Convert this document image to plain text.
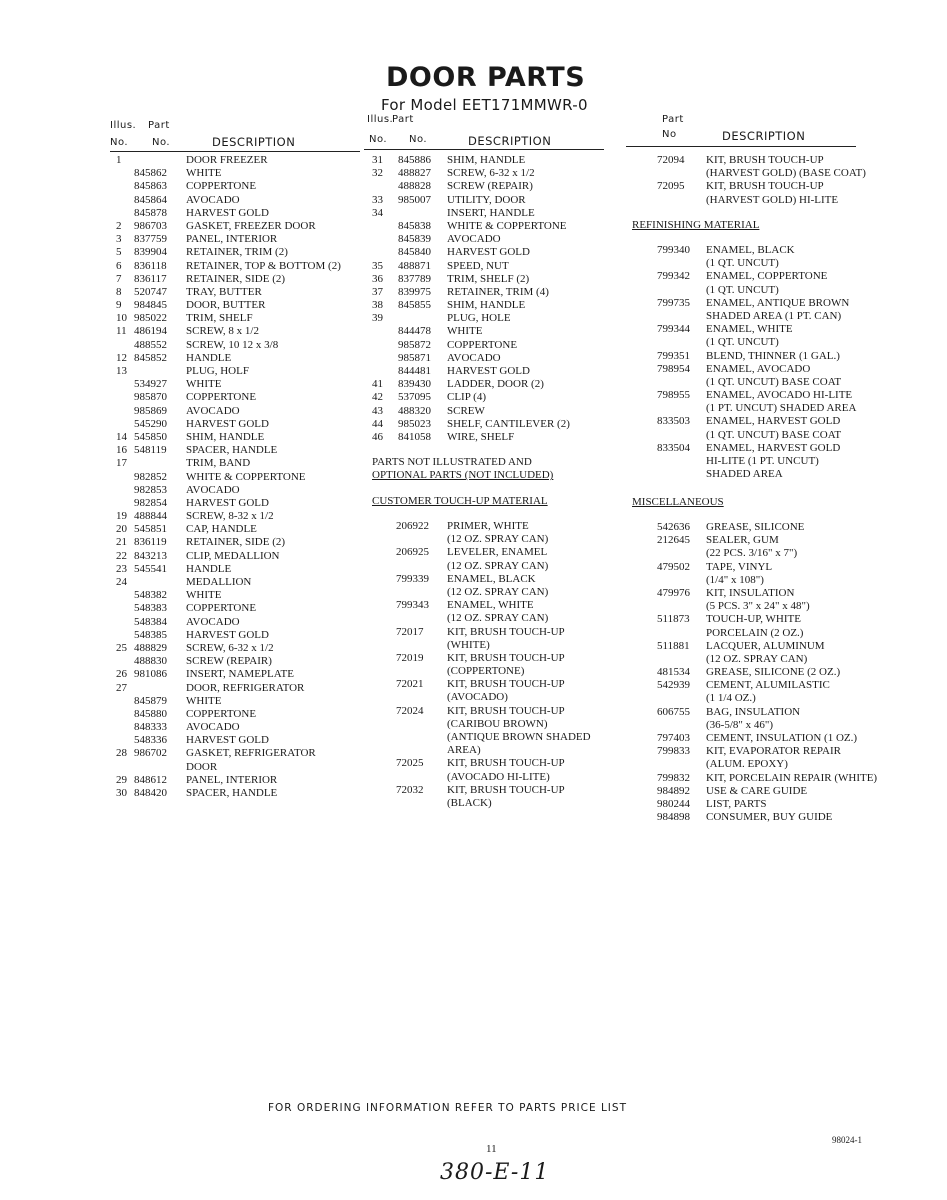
DOOR PARTS
For Model EET171MMWR-0
Illus. Part
No. No.	DESCRIPTION
Illus.
Part
No. No.	DESCRIPTION
Part
No	DESCRIPTION
1	DOOR FREEZER
845862 WHITE
845863 COPPERTONE
845864 AVOCADO
845878 HARVEST GOLD
2 986703 GASKET, FREEZER DOOR
3 837759 PANEL, INTERIOR
5 839904 RETAINER, TRIM (2)
6 836118 RETAINER, TOP & BOTTOM (2)
7 836117 RETAINER, SIDE (2)
8 520747 TRAY, BUTTER
9 984845 DOOR, BUTTER
10 985022 TRIM, SHELF
11 486194 SCREW, 8 x 1/2
488552 SCREW, 10 12 x 3/8
12 845852 HANDLE
13	PLUG, HOLF
534927 WHITE
985870 COPPERTONE
985869 AVOCADO
545290 HARVEST GOLD
14 545850 SHIM, HANDLE
16 548119 SPACER, HANDLE
17	TRIM, BAND
982852 WHITE & COPPERTONE
982853 AVOCADO
982854 HARVEST GOLD
19 488844 SCREW, 8-32 x 1/2
20 545851 CAP, HANDLE
21 836119 RETAINER, SIDE (2)
22 843213 CLIP, MEDALLION
23 545541 HANDLE
24	MEDALLION
548382 WHITE
548383 COPPERTONE
548384 AVOCADO
548385 HARVEST GOLD
25 488829 SCREW, 6-32 x 1/2
488830 SCREW (REPAIR)
26 981086 INSERT, NAMEPLATE
27	DOOR, REFRIGERATOR
845879 WHITE
845880 COPPERTONE
848333 AVOCADO
548336 HARVEST GOLD
28 986702 GASKET, REFRIGERATOR
DOOR
29 848612 PANEL, INTERIOR
30 848420 SPACER, HANDLE
31 845886 SHIM, HANDLE
32 488827 SCREW, 6-32 x 1/2
488828 SCREW (REPAIR)
33 985007 UTILITY, DOOR
34	INSERT, HANDLE
845838 WHITE & COPPERTONE
845839 AVOCADO
845840 HARVEST GOLD
35 488871 SPEED, NUT
36 837789 TRIM, SHELF (2)
37 839975 RETAINER, TRIM (4)
38 845855 SHIM, HANDLE
39	PLUG, HOLE
844478 WHITE
985872 COPPERTONE
985871 AVOCADO
844481 HARVEST GOLD
41 839430 LADDER, DOOR (2)
42 537095 CLIP (4)
43 488320 SCREW
44 985023 SHELF, CANTILEVER (2)
46 841058 WIRE, SHELF
PARTS NOT ILLUSTRATED AND
OPTIONAL PARTS (NOT INCLUDED)
CUSTOMER TOUCH-UP MATERIAL
206922 PRIMER, WHITE
(12 OZ. SPRAY CAN)
206925 LEVELER, ENAMEL
(12 OZ. SPRAY CAN)
799339 ENAMEL, BLACK
(12 OZ. SPRAY CAN)
799343 ENAMEL, WHITE
(12 OZ. SPRAY CAN)
72017 KIT, BRUSH TOUCH-UP
(WHITE)
72019 KIT, BRUSH TOUCH-UP
(COPPERTONE)
72021 KIT, BRUSH TOUCH-UP
(AVOCADO)
72024 KIT, BRUSH TOUCH-UP
(CARIBOU BROWN)
(ANTIQUE BROWN SHADED
AREA)
72025 KIT, BRUSH TOUCH-UP
(AVOCADO HI-LITE)
72032 KIT, BRUSH TOUCH-UP
(BLACK)
72094 KIT, BRUSH TOUCH-UP
(HARVEST GOLD) (BASE COAT)
72095 KIT, BRUSH TOUCH-UP
(HARVEST GOLD) HI-LITE
REFINISHING MATERIAL
799340 ENAMEL, BLACK
(1 QT. UNCUT)
799342 ENAMEL, COPPERTONE
(1 QT. UNCUT)
799735 ENAMEL, ANTIQUE BROWN
SHADED AREA (1 PT. CAN)
799344 ENAMEL, WHITE
(1 QT. UNCUT)
799351 BLEND, THINNER (1 GAL.)
798954 ENAMEL, AVOCADO
(1 QT. UNCUT) BASE COAT
798955 ENAMEL, AVOCADO HI-LITE
(1 PT. UNCUT) SHADED AREA
833503 ENAMEL, HARVEST GOLD
(1 QT. UNCUT) BASE COAT
833504 ENAMEL, HARVEST GOLD
HI-LITE (1 PT. UNCUT)
SHADED AREA
MISCELLANEOUS
542636 GREASE, SILICONE
212645 SEALER, GUM
(22 PCS. 3/16" x 7")
479502 TAPE, VINYL
(1/4" x 108")
479976 KIT, INSULATION
(5 PCS. 3" x 24" x 48")
511873 TOUCH-UP, WHITE
PORCELAIN (2 OZ.)
511881 LACQUER, ALUMINUM
(12 OZ. SPRAY CAN)
481534 GREASE, SILICONE (2 OZ.)
542939 CEMENT, ALUMILASTIC
(1 1/4 OZ.)
606755 BAG, INSULATION
(36-5/8" x 46")
797403 CEMENT, INSULATION (1 OZ.)
799833 KIT, EVAPORATOR REPAIR
(ALUM. EPOXY)
799832 KIT, PORCELAIN REPAIR (WHITE)
984892 USE & CARE GUIDE
980244 LIST, PARTS
984898 CONSUMER, BUY GUIDE
FOR ORDERING INFORMATION REFER TO PARTS PRICE LIST
11
98024-1
380-E-11
